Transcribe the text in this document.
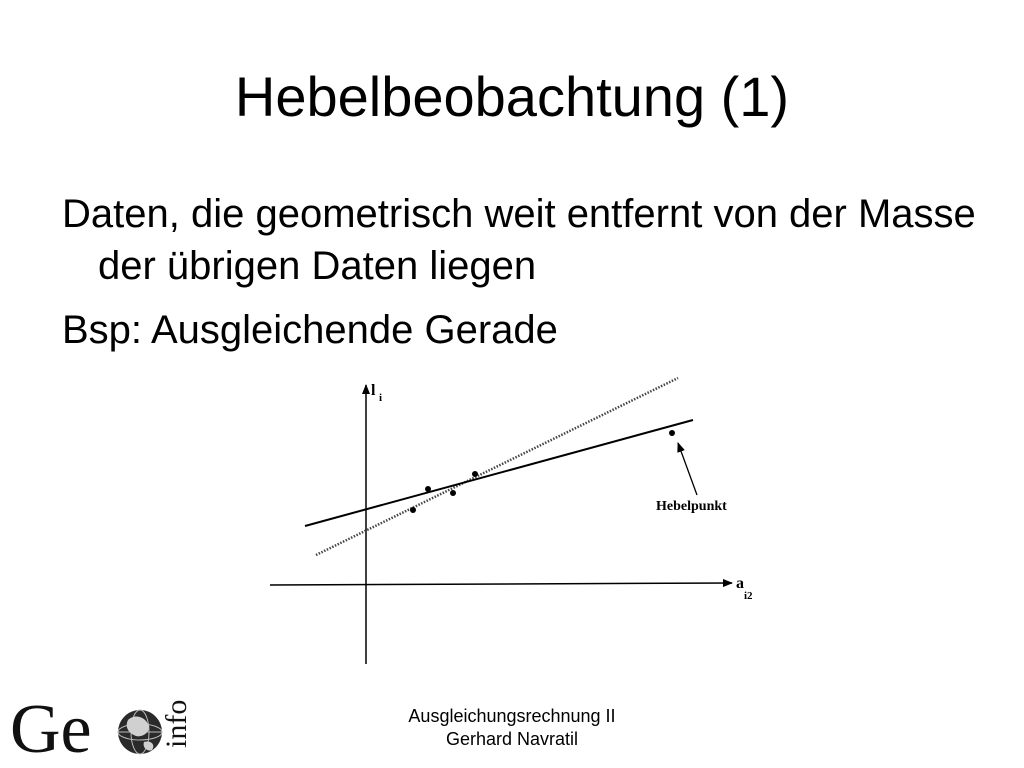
Hebelbeobachtung (1)
Daten, die geometrisch weit entfernt von der Masse der übrigen Daten liegen
Bsp: Ausgleichende Gerade
l i
a
i2
Hebelpunkt
Ge info	Ausgleichungsrechnung II
Gerhard Navratil
